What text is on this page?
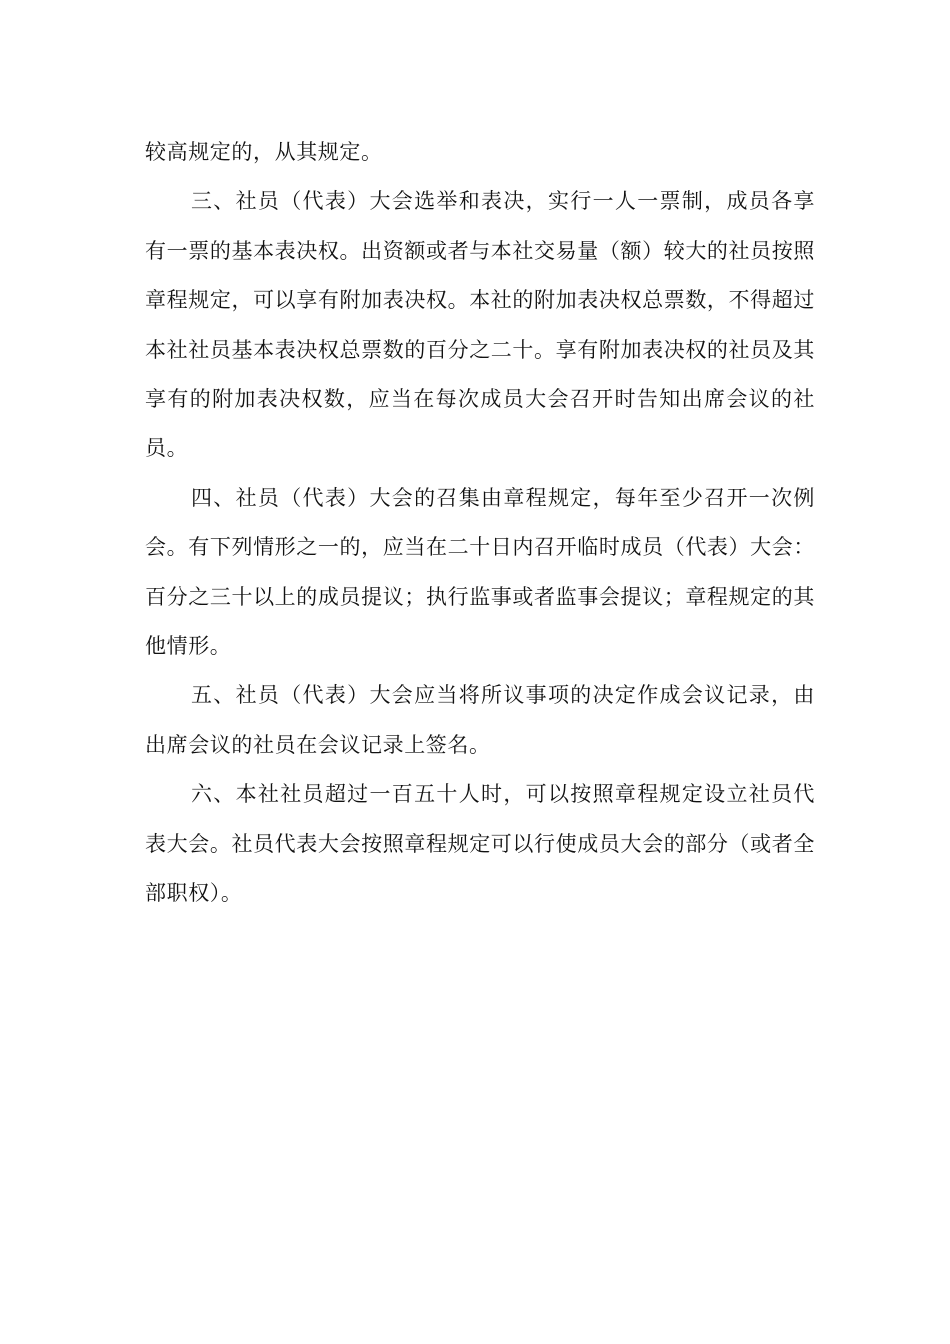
较高规定的，从其规定。

三、社员（代表）大会选举和表决，实行一人一票制，成员各享有一票的基本表决权。出资额或者与本社交易量（额）较大的社员按照章程规定，可以享有附加表决权。本社的附加表决权总票数，不得超过本社社员基本表决权总票数的百分之二十。享有附加表决权的社员及其享有的附加表决权数，应当在每次成员大会召开时告知出席会议的社员。

四、社员（代表）大会的召集由章程规定，每年至少召开一次例会。有下列情形之一的，应当在二十日内召开临时成员（代表）大会：百分之三十以上的成员提议；执行监事或者监事会提议；章程规定的其他情形。

五、社员（代表）大会应当将所议事项的决定作成会议记录，由出席会议的社员在会议记录上签名。

六、本社社员超过一百五十人时，可以按照章程规定设立社员代表大会。社员代表大会按照章程规定可以行使成员大会的部分（或者全部职权）。
